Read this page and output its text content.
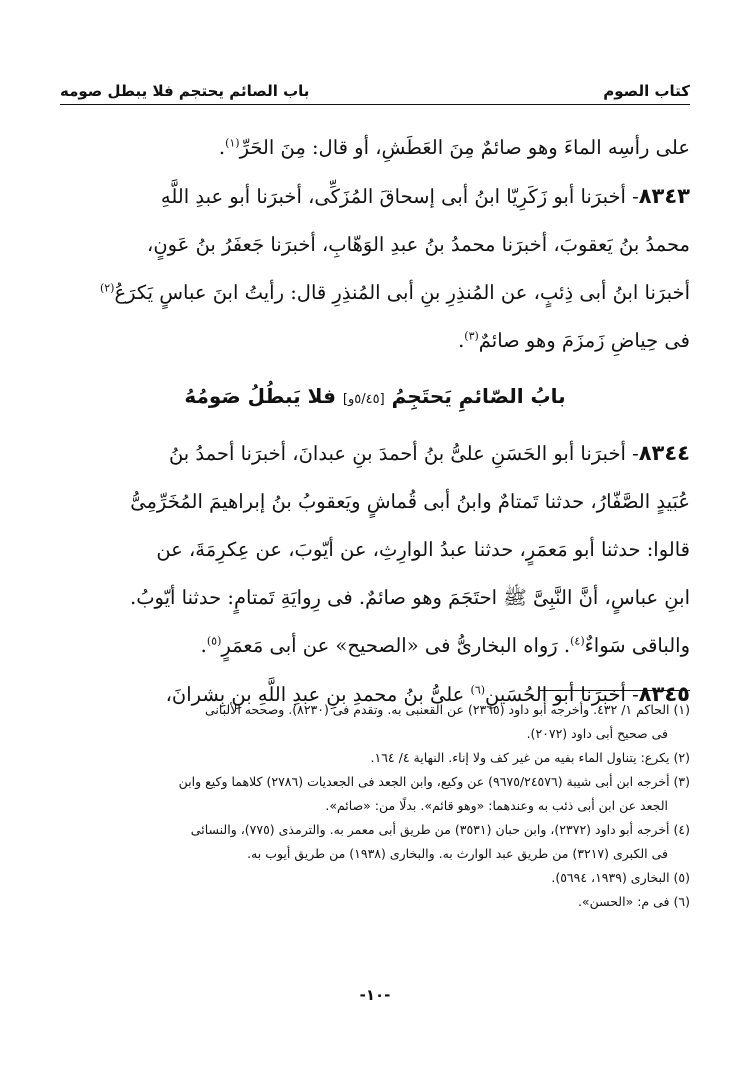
كتاب الصوم
باب الصائم يحتجم فلا يبطل صومه

على رأسِه الماءَ وهو صائمٌ مِنَ العَطَشِ، أو قال: مِنَ الحَرِّ$^{(١)}$.

٨٣٤٣- أخبرَنا أبو زَكَرِيّا ابنُ أبى إسحاقَ المُزَكِّى، أخبرَنا أبو عبدِ اللَّهِ

محمدُ بنُ يَعقوبَ، أخبرَنا محمدُ بنُ عبدِ الوَهّابِ، أخبرَنا جَعفَرُ بنُ عَونٍ،

أخبرَنا ابنُ أبى ذِئبٍ، عن المُنذِرِ بنِ أبى المُنذِرِ قال: رأيتُ ابنَ عباسٍ يَكرَعُ$^{(٢)}$

فى حِياضِ زَمزَمَ وهو صائمٌ$^{(٣)}$.

بابُ الصّائمِ يَحتَجِمُ [٥/٤٥و] فلا يَبطُلُ صَومُهُ

٨٣٤٤- أخبرَنا أبو الحَسَنِ علىُّ بنُ أحمدَ بنِ عبدانَ، أخبرَنا أحمدُ بنُ

عُبَيدٍ الصَّفّارُ، حدثنا تَمتامٌ وابنُ أبى قُماشٍ ويَعقوبُ بنُ إبراهيمَ المُخَرِّمِىُّ

قالوا: حدثنا أبو مَعمَرٍ، حدثنا عبدُ الوارِثِ، عن أيّوبَ، عن عِكرِمَةَ، عن

ابنِ عباسٍ، أنَّ النَّبِىَّ ﷺ احتَجَمَ وهو صائمٌ. فى رِوايَةِ تَمتامٍ: حدثنا أيّوبُ.

والباقى سَواءٌ$^{(٤)}$. رَواه البخارىُّ فى «الصحيح» عن أبى مَعمَرٍ$^{(٥)}$.

٨٣٤٥- أخبرَنا أبو الحُسَينِ$^{(٦)}$ علىُّ بنُ محمدِ بنِ عبدِ اللَّهِ بنِ بِشرانَ،

(١) الحاكم ١/ ٤٣٢. وأخرجه أبو داود (٢٣٦٥) عن القعنبى به. وتقدم فى (٨٢٣٠). وصححه الألبانى
فى صحيح أبى داود (٢٠٧٢).
(٢) يكرع: يتناول الماء بفيه من غير كف ولا إناء. النهاية ٤/ ١٦٤.
(٣) أخرجه ابن أبى شيبة (٩٦٧٥/٢٤٥٧٦) عن وكيع، وابن الجعد فى الجعديات (٢٧٨٦) كلاهما وكيع وابن
الجعد عن ابن أبى ذئب به وعندهما: «وهو قائم». بدلًا من: «صائم».
(٤) أخرجه أبو داود (٢٣٧٢)، وابن حبان (٣٥٣١) من طريق أبى معمر به. والترمذى (٧٧٥)، والنسائى
فى الكبرى (٣٢١٧) من طريق عبد الوارث به. والبخارى (١٩٣٨) من طريق أيوب به.
(٥) البخارى (١٩٣٩، ٥٦٩٤).
(٦) فى م: «الحسن».
-١٠-
